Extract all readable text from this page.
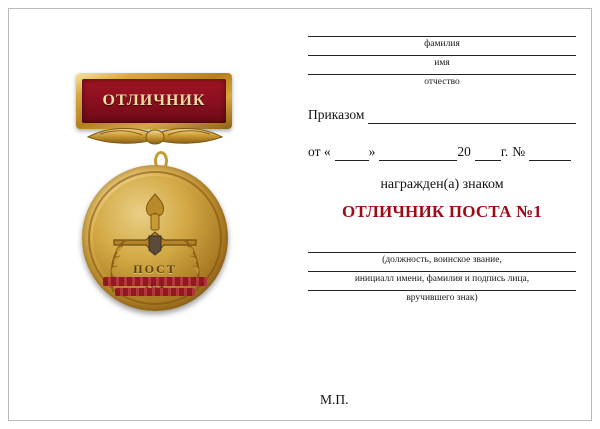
ОТЛИЧНИК
ПОСТ
фамилия
имя
отчество
Приказом
от «	»	20 г. №
награжден(а) знаком
ОТЛИЧНИК ПОСТА №1
(должность, воинское звание,
инициалл имени, фамилия и подпись лица,
вручившего знак)
М.П.
